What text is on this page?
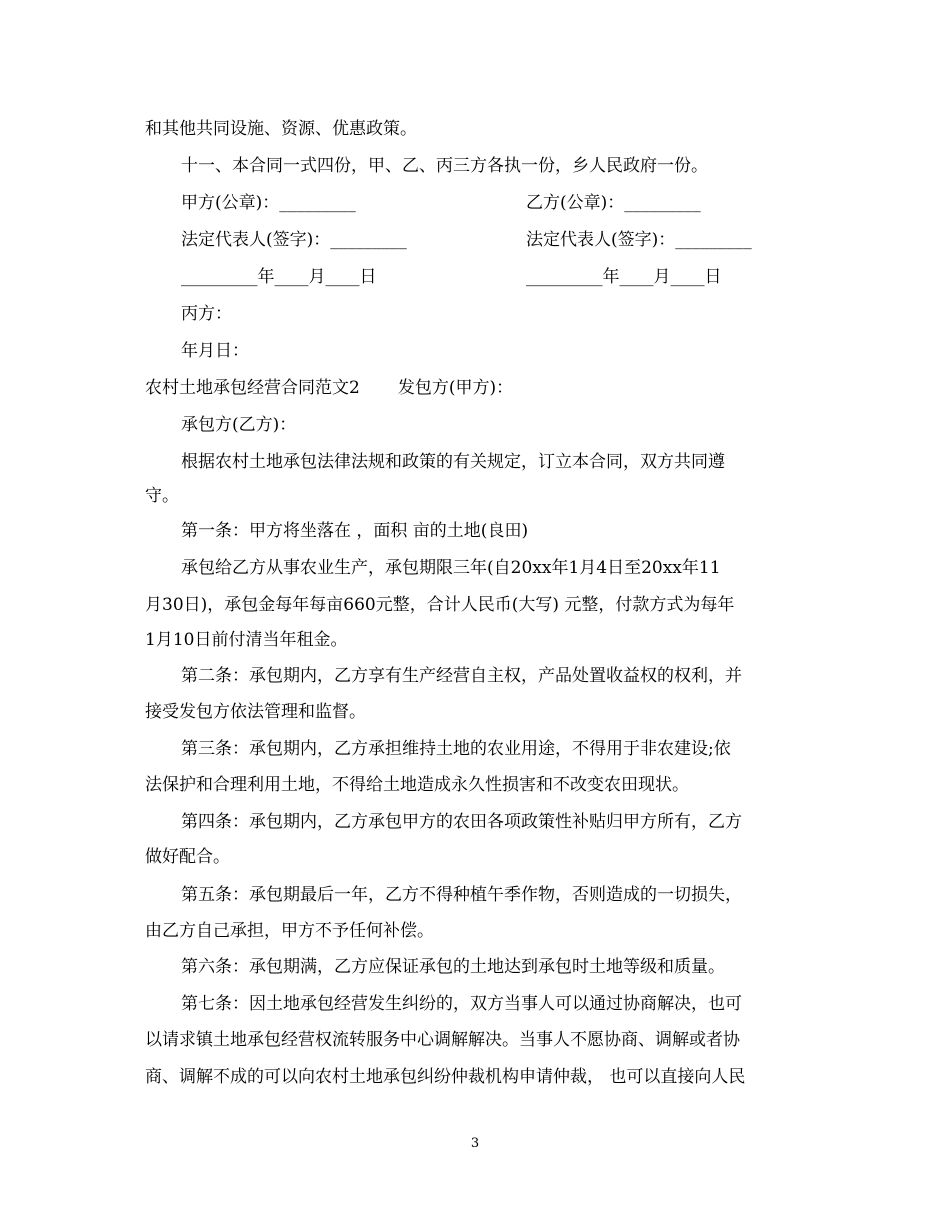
和其他共同设施、资源、优惠政策。
十一、本合同一式四份，甲、乙、丙三方各执一份，乡人民政府一份。
甲方(公章)：_________	乙方(公章)：_________
法定代表人(签字)：_________	法定代表人(签字)：_________
_________年____月____日	_________年____月____日
丙方：
年月日：
农村土地承包经营合同范文2 发包方(甲方)：
承包方(乙方)：
根据农村土地承包法律法规和政策的有关规定，订立本合同，双方共同遵
守。
第一条：甲方将坐落在 ，面积 亩的土地(良田)
承包给乙方从事农业生产，承包期限三年(自20xx年1月4日至20xx年11
月30日)，承包金每年每亩660元整，合计人民币(大写) 元整，付款方式为每年
1月10日前付清当年租金。
第二条：承包期内，乙方享有生产经营自主权，产品处置收益权的权利，并
接受发包方依法管理和监督。
第三条：承包期内，乙方承担维持土地的农业用途，不得用于非农建设;依
法保护和合理利用土地，不得给土地造成永久性损害和不改变农田现状。
第四条：承包期内，乙方承包甲方的农田各项政策性补贴归甲方所有，乙方
做好配合。
第五条：承包期最后一年，乙方不得种植午季作物，否则造成的一切损失，
由乙方自己承担，甲方不予任何补偿。
第六条：承包期满，乙方应保证承包的土地达到承包时土地等级和质量。
第七条：因土地承包经营发生纠纷的，双方当事人可以通过协商解决，也可
以请求镇土地承包经营权流转服务中心调解解决。当事人不愿协商、调解或者协
商、调解不成的可以向农村土地承包纠纷仲裁机构申请仲裁， 也可以直接向人民
3
